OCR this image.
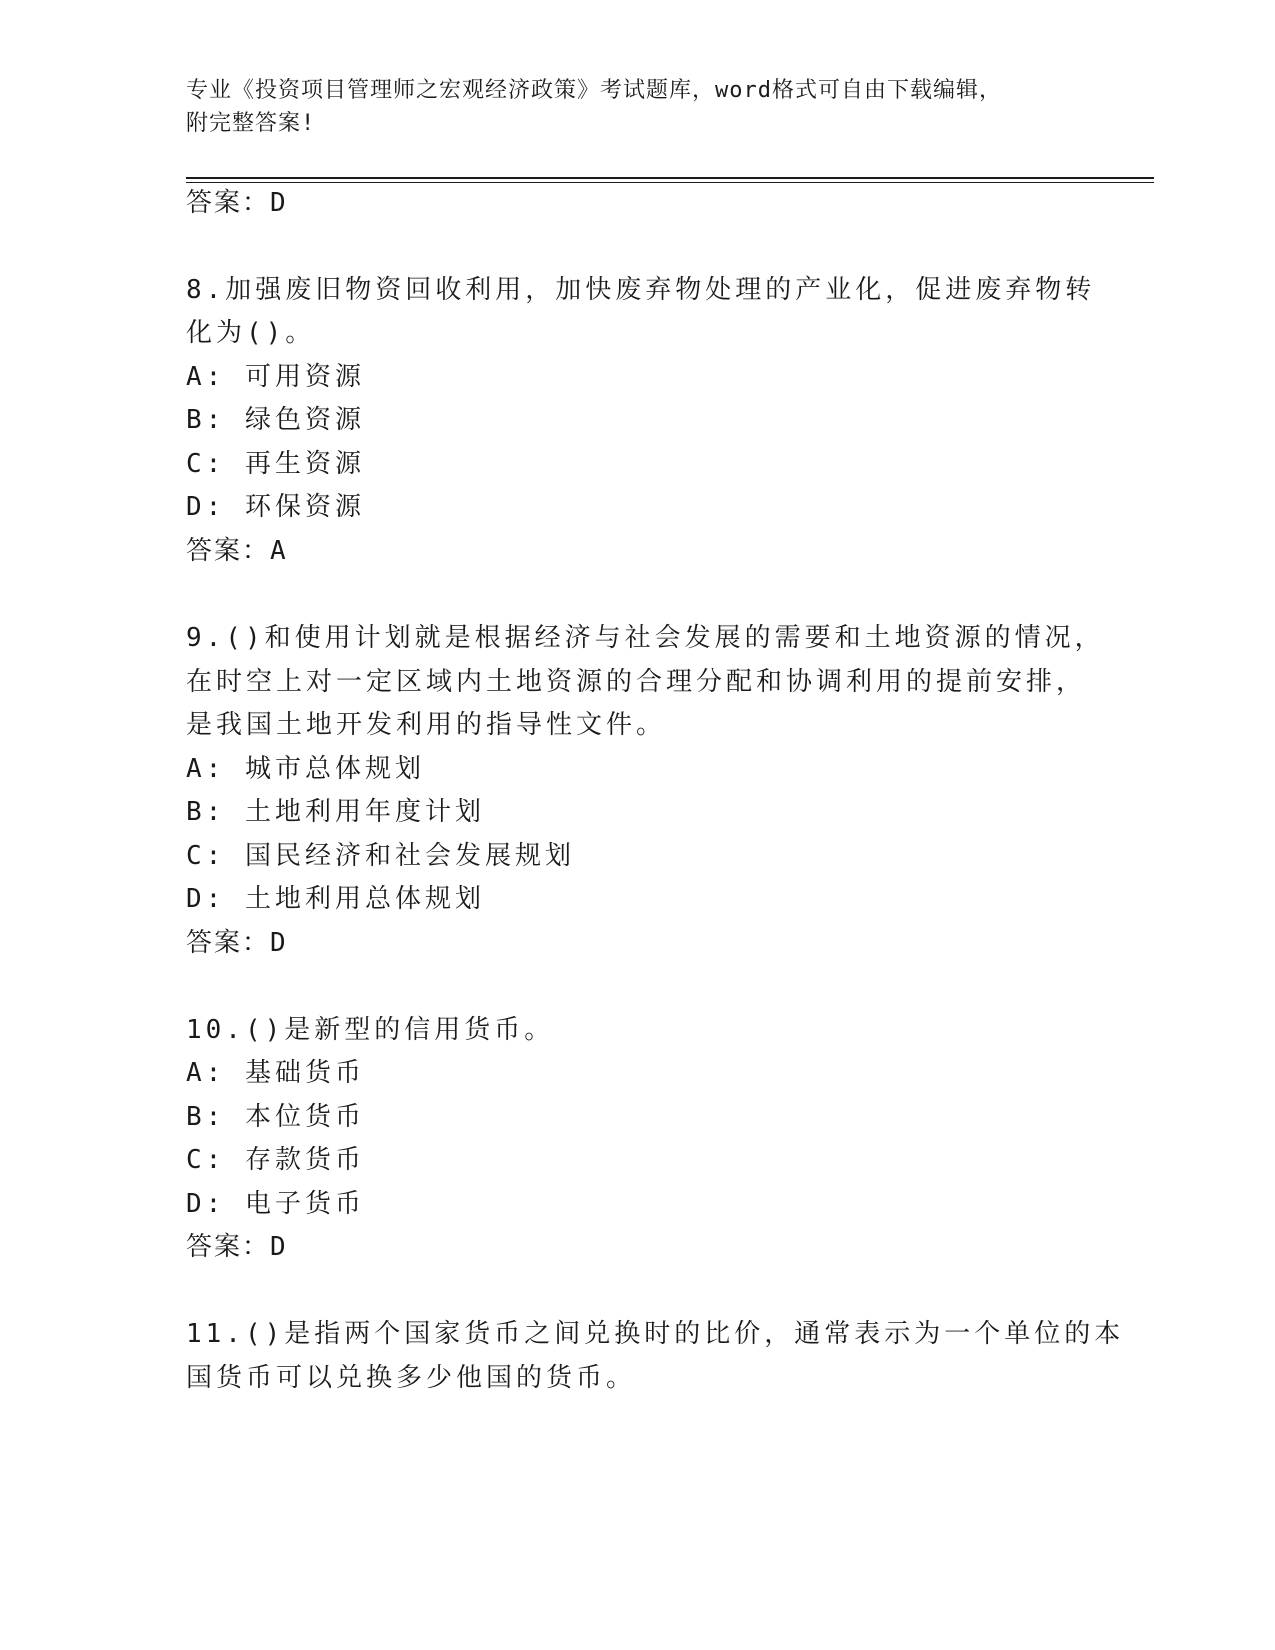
专业《投资项目管理师之宏观经济政策》考试题库，word格式可自由下载编辑，
附完整答案!
答案：D
8.加强废旧物资回收利用，加快废弃物处理的产业化，促进废弃物转
化为()。
A: 可用资源
B: 绿色资源
C: 再生资源
D: 环保资源
答案：A
9.()和使用计划就是根据经济与社会发展的需要和土地资源的情况，
在时空上对一定区域内土地资源的合理分配和协调利用的提前安排，
是我国土地开发利用的指导性文件。
A: 城市总体规划
B: 土地利用年度计划
C: 国民经济和社会发展规划
D: 土地利用总体规划
答案：D
10.()是新型的信用货币。
A: 基础货币
B: 本位货币
C: 存款货币
D: 电子货币
答案：D
11.()是指两个国家货币之间兑换时的比价，通常表示为一个单位的本
国货币可以兑换多少他国的货币。
